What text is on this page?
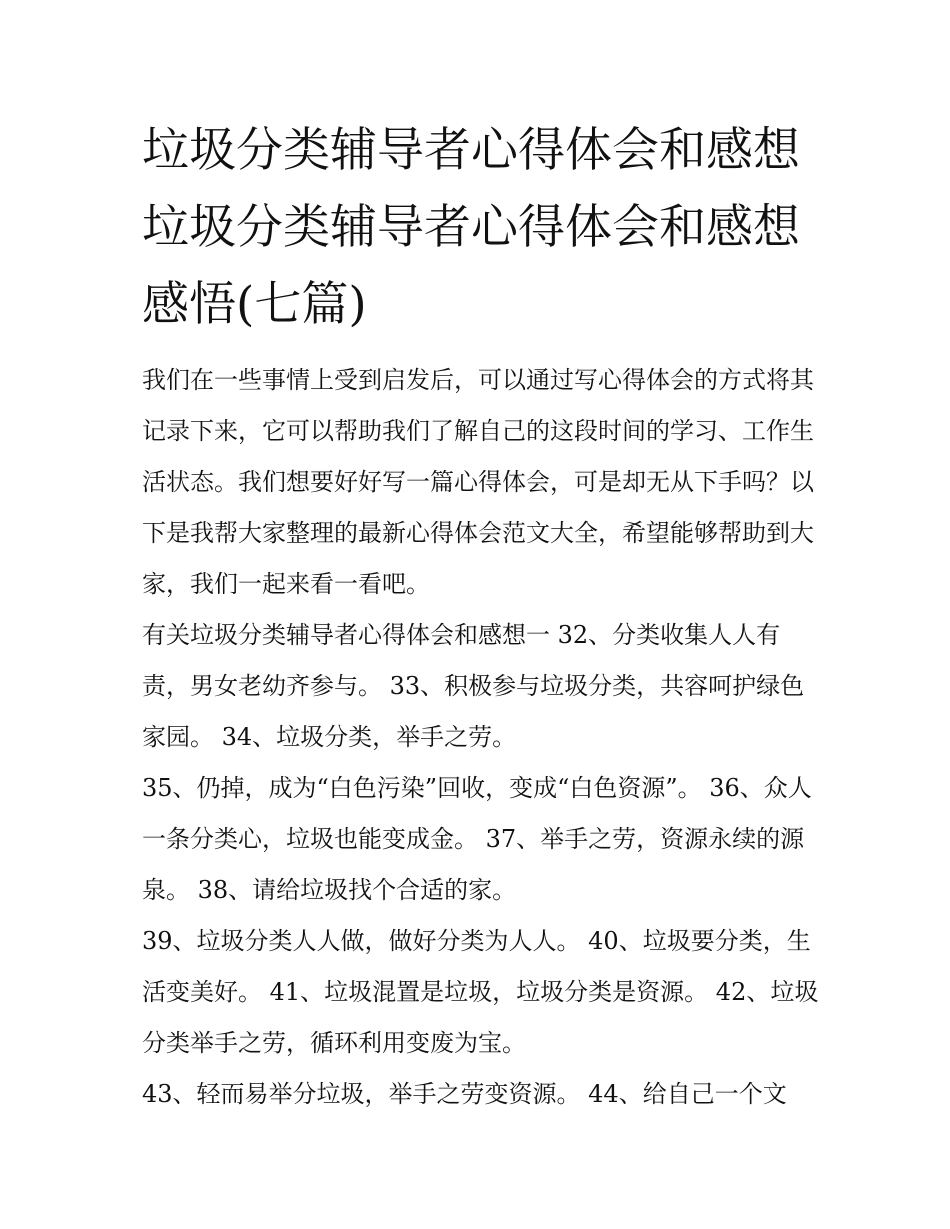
垃圾分类辅导者心得体会和感想 垃圾分类辅导者心得体会和感想感悟(七篇)

我们在一些事情上受到启发后，可以通过写心得体会的方式将其记录下来，它可以帮助我们了解自己的这段时间的学习、工作生活状态。我们想要好好写一篇心得体会，可是却无从下手吗？以下是我帮大家整理的最新心得体会范文大全，希望能够帮助到大家，我们一起来看一看吧。

有关垃圾分类辅导者心得体会和感想一 32、分类收集人人有责，男女老幼齐参与。 33、积极参与垃圾分类，共容呵护绿色家园。 34、垃圾分类，举手之劳。

35、仍掉，成为“白色污染”回收，变成“白色资源”。 36、众人一条分类心，垃圾也能变成金。 37、举手之劳，资源永续的源泉。 38、请给垃圾找个合适的家。

39、垃圾分类人人做，做好分类为人人。 40、垃圾要分类，生活变美好。 41、垃圾混置是垃圾，垃圾分类是资源。 42、垃圾分类举手之劳，循环利用变废为宝。

43、轻而易举分垃圾，举手之劳变资源。 44、给自己一个文
